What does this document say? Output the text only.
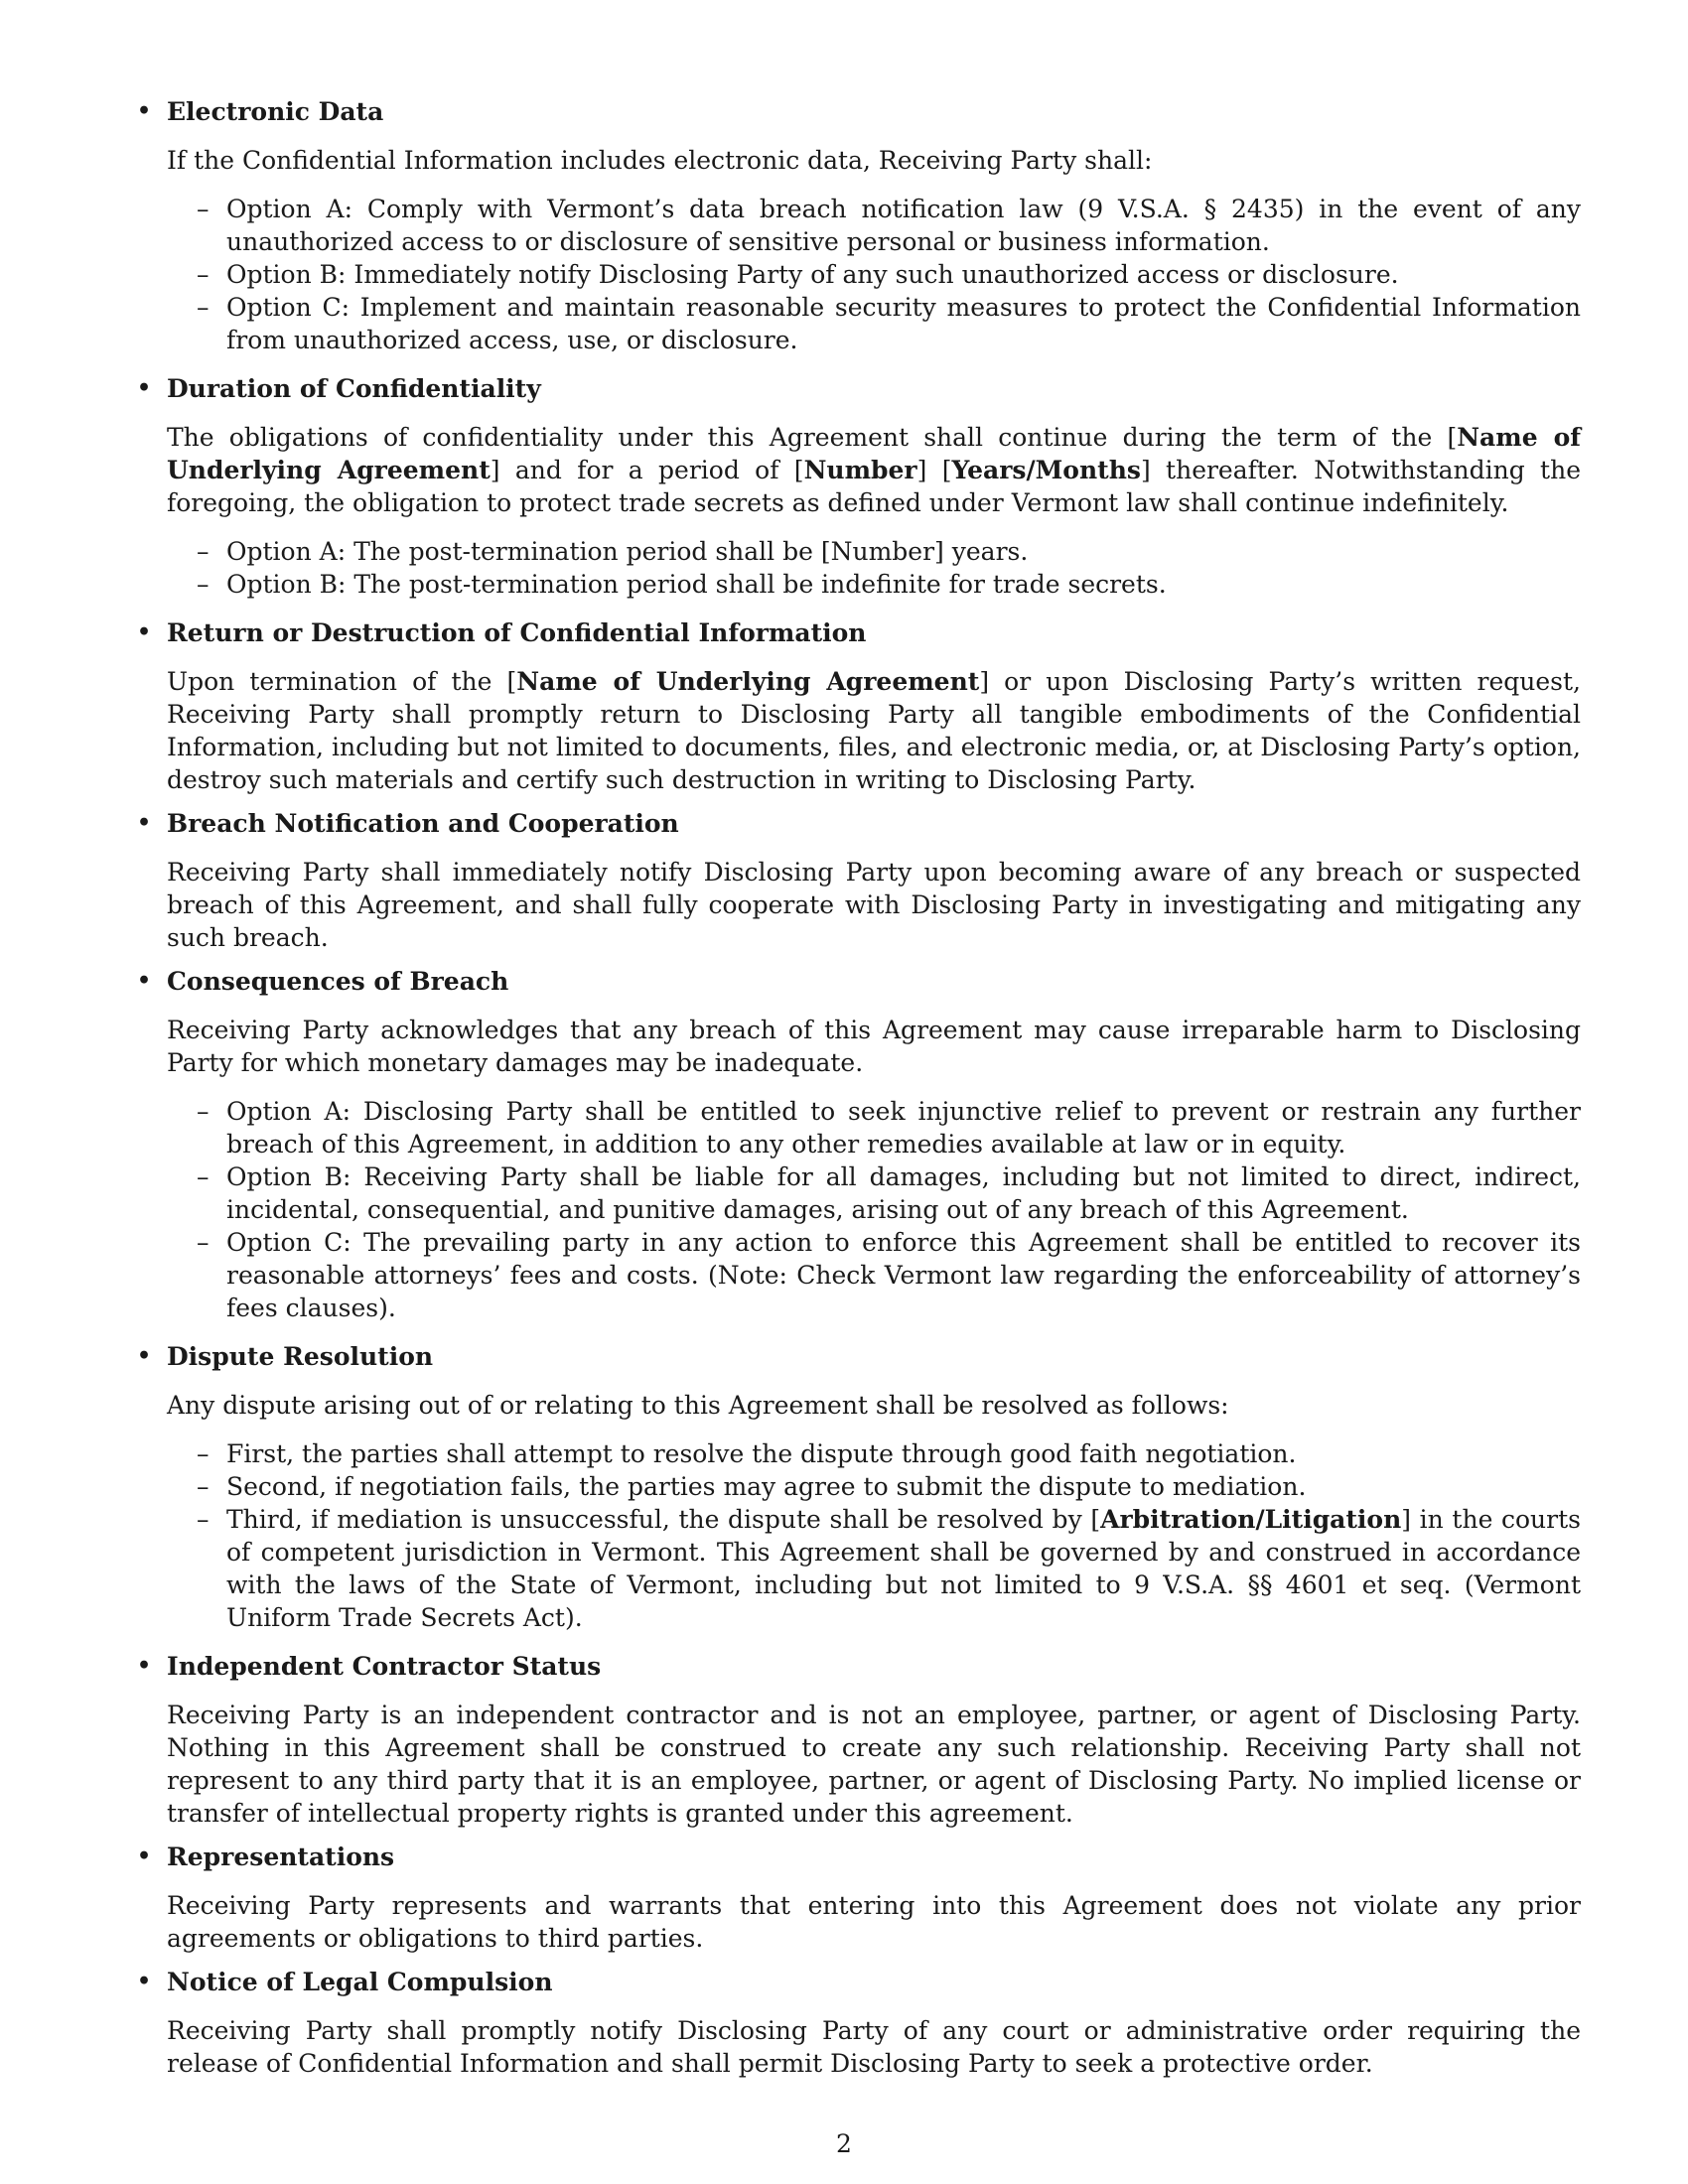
• Electronic Data

If the Confidential Information includes electronic data, Receiving Party shall:

– Option A: Comply with Vermont’s data breach notification law (9 V.S.A. § 2435) in the event of any unauthorized access to or disclosure of sensitive personal or business information.
– Option B: Immediately notify Disclosing Party of any such unauthorized access or disclosure.
– Option C: Implement and maintain reasonable security measures to protect the Confidential Information from unauthorized access, use, or disclosure.
• Duration of Confidentiality

The obligations of confidentiality under this Agreement shall continue during the term of the [Name of Underlying Agreement] and for a period of [Number] [Years/Months] thereafter. Notwithstanding the foregoing, the obligation to protect trade secrets as defined under Vermont law shall continue indefinitely.

– Option A: The post-termination period shall be [Number] years.
– Option B: The post-termination period shall be indefinite for trade secrets.
• Return or Destruction of Confidential Information

Upon termination of the [Name of Underlying Agreement] or upon Disclosing Party’s written request, Receiving Party shall promptly return to Disclosing Party all tangible embodiments of the Confidential Information, including but not limited to documents, files, and electronic media, or, at Disclosing Party’s option, destroy such materials and certify such destruction in writing to Disclosing Party.

• Breach Notification and Cooperation

Receiving Party shall immediately notify Disclosing Party upon becoming aware of any breach or suspected breach of this Agreement, and shall fully cooperate with Disclosing Party in investigating and mitigating any such breach.

• Consequences of Breach

Receiving Party acknowledges that any breach of this Agreement may cause irreparable harm to Disclosing Party for which monetary damages may be inadequate.

– Option A: Disclosing Party shall be entitled to seek injunctive relief to prevent or restrain any further breach of this Agreement, in addition to any other remedies available at law or in equity.
– Option B: Receiving Party shall be liable for all damages, including but not limited to direct, indirect, incidental, consequential, and punitive damages, arising out of any breach of this Agreement.
– Option C: The prevailing party in any action to enforce this Agreement shall be entitled to recover its reasonable attorneys’ fees and costs. (Note: Check Vermont law regarding the enforceability of attorney’s fees clauses).
• Dispute Resolution

Any dispute arising out of or relating to this Agreement shall be resolved as follows:

– First, the parties shall attempt to resolve the dispute through good faith negotiation.
– Second, if negotiation fails, the parties may agree to submit the dispute to mediation.
– Third, if mediation is unsuccessful, the dispute shall be resolved by [Arbitration/Litigation] in the courts of competent jurisdiction in Vermont. This Agreement shall be governed by and construed in accordance with the laws of the State of Vermont, including but not limited to 9 V.S.A. §§ 4601 et seq. (Vermont Uniform Trade Secrets Act).
• Independent Contractor Status

Receiving Party is an independent contractor and is not an employee, partner, or agent of Disclosing Party. Nothing in this Agreement shall be construed to create any such relationship. Receiving Party shall not represent to any third party that it is an employee, partner, or agent of Disclosing Party. No implied license or transfer of intellectual property rights is granted under this agreement.

• Representations

Receiving Party represents and warrants that entering into this Agreement does not violate any prior agreements or obligations to third parties.

• Notice of Legal Compulsion

Receiving Party shall promptly notify Disclosing Party of any court or administrative order requiring the release of Confidential Information and shall permit Disclosing Party to seek a protective order.

2
